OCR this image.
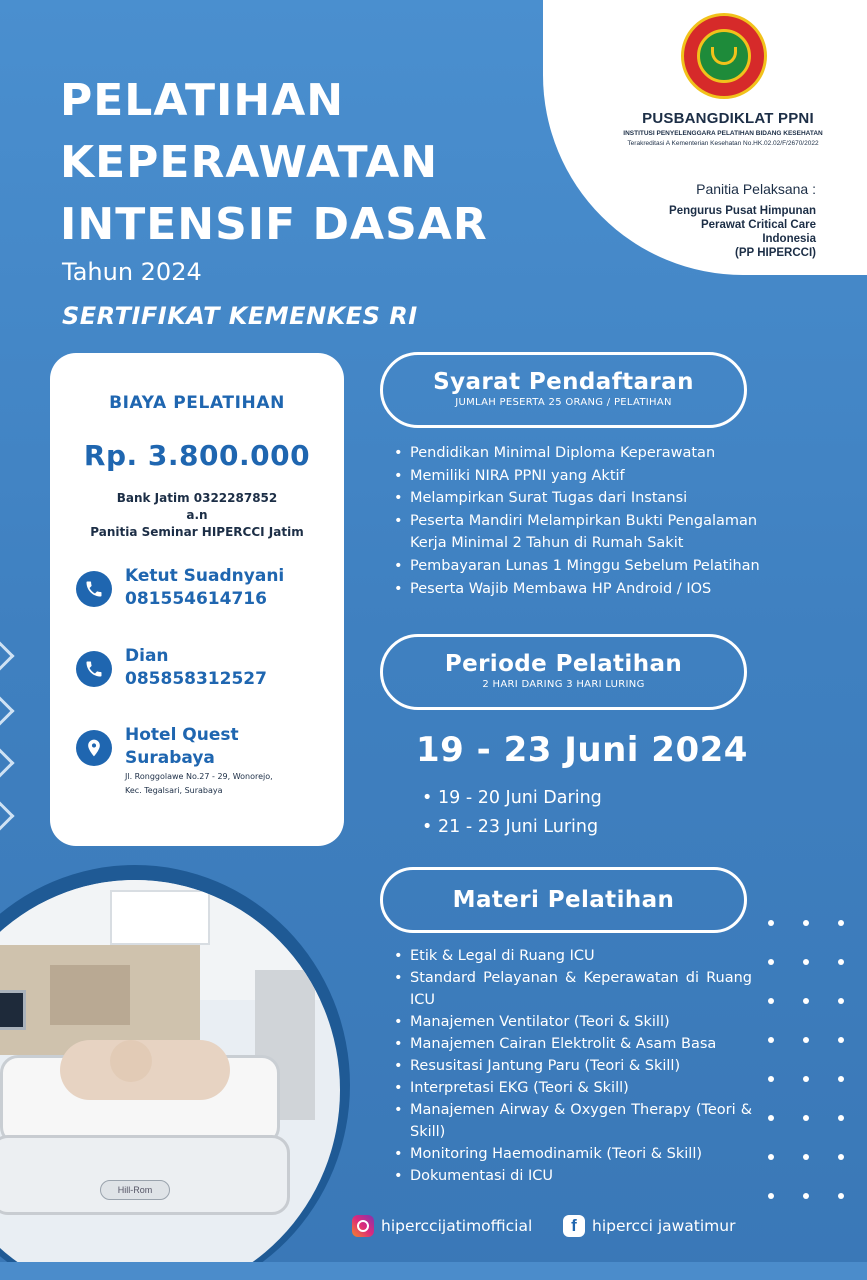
PUSBANGDIKLAT PPNI
INSTITUSI PENYELENGGARA PELATIHAN BIDANG KESEHATAN
Terakreditasi A Kementerian Kesehatan No.HK.02.02/F/2670/2022
Panitia Pelaksana :
Pengurus Pusat Himpunan
Perawat Critical Care
Indonesia
(PP HIPERCCI)
PELATIHAN
KEPERAWATAN
INTENSIF DASAR
Tahun 2024
SERTIFIKAT KEMENKES RI
BIAYA PELATIHAN
Rp. 3.800.000
Bank Jatim 0322287852
a.n
Panitia Seminar HIPERCCI Jatim
Ketut Suadnyani
081554614716
Dian
085858312527
Hotel Quest
Surabaya
Jl. Ronggolawe No.27 - 29, Wonorejo,
Kec. Tegalsari, Surabaya
Syarat Pendaftaran
JUMLAH PESERTA 25 ORANG / PELATIHAN
• Pendidikan Minimal Diploma Keperawatan
• Memiliki NIRA PPNI yang Aktif
• Melampirkan Surat Tugas dari Instansi
• Peserta Mandiri Melampirkan Bukti Pengalaman Kerja Minimal 2 Tahun di Rumah Sakit
• Pembayaran Lunas 1 Minggu Sebelum Pelatihan
• Peserta Wajib Membawa HP Android / IOS
Periode Pelatihan
2 HARI DARING 3 HARI LURING
19 - 23 Juni 2024
• 19 - 20 Juni Daring
• 21 - 23 Juni Luring
Materi Pelatihan
• Etik & Legal di Ruang ICU
• Standard Pelayanan & Keperawatan di Ruang ICU
• Manajemen Ventilator (Teori & Skill)
• Manajemen Cairan Elektrolit & Asam Basa
• Resusitasi Jantung Paru (Teori & Skill)
• Interpretasi EKG (Teori & Skill)
• Manajemen Airway & Oxygen Therapy (Teori & Skill)
• Monitoring Haemodinamik (Teori & Skill)
• Dokumentasi di ICU
Hill-Rom
hiperccijatimofficial	f hipercci jawatimur
